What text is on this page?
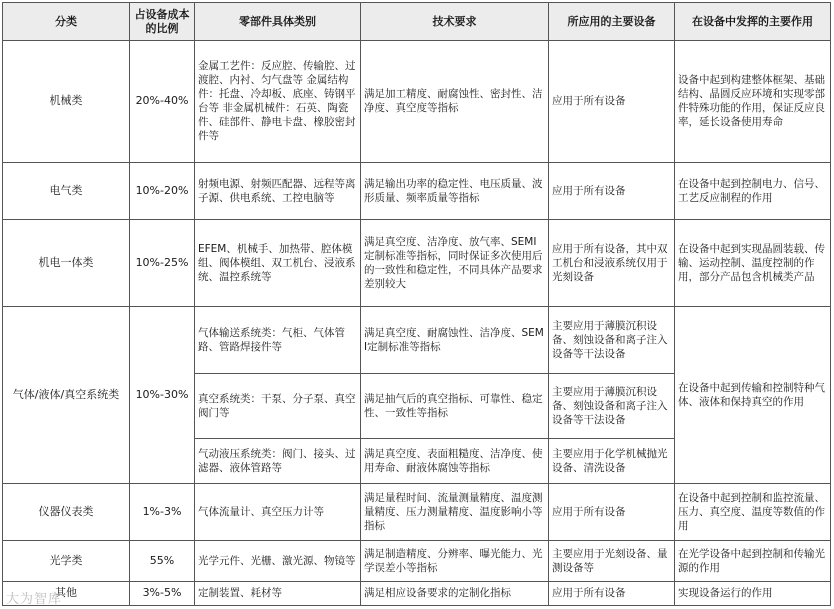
分类	占设备成本的比例	零部件具体类别	技术要求	所应用的主要设备	在设备中发挥的主要作用
机械类	20%-40%	金属工艺件：反应腔、传输腔、过渡腔、内衬、匀气盘等 金属结构件：托盘、冷却板、底座、铸钢平台等 非金属机械件：石英、陶瓷件、硅部件、静电卡盘、橡胶密封件等	满足加工精度、耐腐蚀性、密封性、洁净度、真空度等指标	应用于所有设备	设备中起到构建整体框架、基础结构、晶圆反应环境和实现零部件特殊功能的作用，保证反应良率，延长设备使用寿命
电气类	10%-20%	射频电源、射频匹配器、远程等离子源、供电系统、工控电脑等	满足输出功率的稳定性、电压质量、波形质量、频率质量等指标	应用于所有设备	在设备中起到控制电力、信号、工艺反应制程的作用
机电一体类	10%-25%	EFEM、机械手、加热带、腔体模组、阀体模组、双工机台、浸液系统、温控系统等	满足真空度、洁净度、放气率、SEMI定制标准等指标，同时保证多次使用后的一致性和稳定性，不同具体产品要求差别较大	应用于所有设备，其中双工机台和浸液系统仅用于光刻设备	在设备中起到实现晶圆装载、传输、运动控制、温度控制的作用，部分产品包含机械类产品
气体/液体/真空系统类	10%-30%	气体输送系统类：气柜、气体管路、管路焊接件等	满足真空度、耐腐蚀性、洁净度、SEMI定制标准等指标	主要应用于薄膜沉积设备、刻蚀设备和离子注入设备等干法设备	在设备中起到传输和控制特种气体、液体和保持真空的作用
		真空系统类：干泵、分子泵、真空阀门等	满足抽气后的真空指标、可靠性、稳定性、一致性等指标	主要应用于薄膜沉积设备、刻蚀设备和离子注入设备等干法设备	
		气动液压系统类：阀门、接头、过滤器、液体管路等	满足真空度、表面粗糙度、洁净度、使用寿命、耐液体腐蚀等指标	主要应用于化学机械抛光设备、清洗设备	
仪器仪表类	1%-3%	气体流量计、真空压力计等	满足量程时间、流量测量精度、温度测量精度、压力测量精度、温度影响小等指标	应用于所有设备	在设备中起到控制和监控流量、压力、真空度、温度等数值的作用
光学类	55%	光学元件、光栅、激光源、物镜等	满足制造精度、分辨率、曝光能力、光学误差小等指标	主要应用于光刻设备、量测设备等	在光学设备中起到控制和传输光源的作用
其他	3%-5%	定制装置、耗材等	满足相应设备要求的定制化指标	应用于所有设备	实现设备运行的作用
大为智库
